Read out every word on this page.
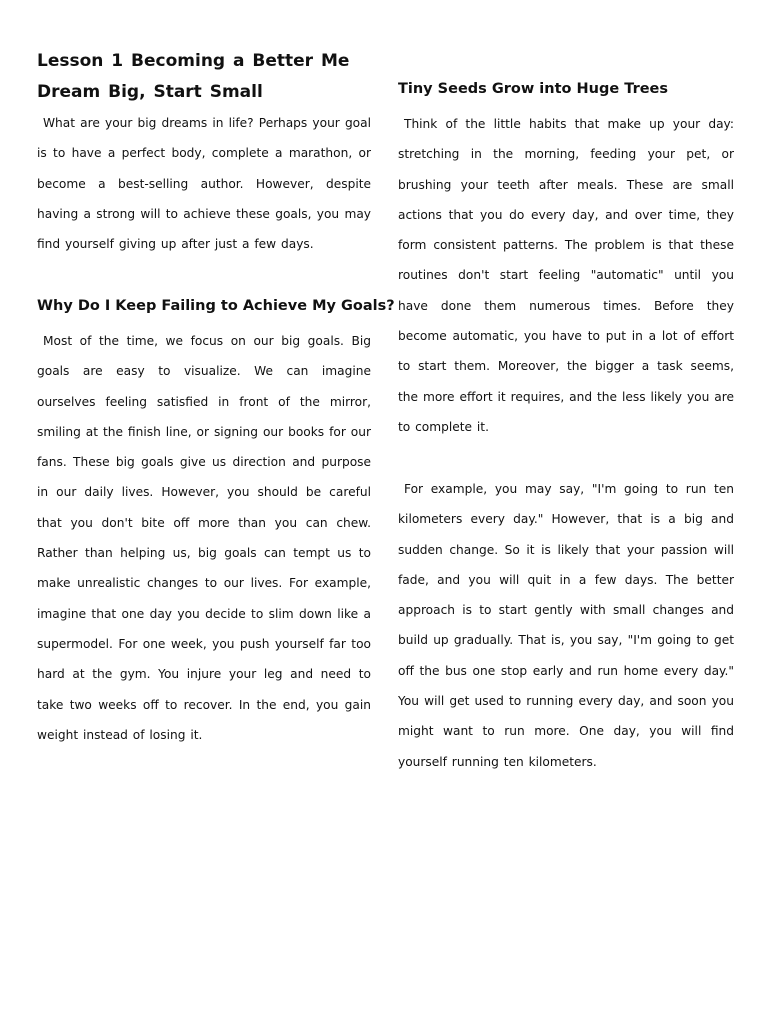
Lesson 1 Becoming a Better Me
Dream Big, Start Small

What are your big dreams in life? Perhaps your goal is to have a perfect body, complete a marathon, or become a best-selling author. However, despite having a strong will to achieve these goals, you may find yourself giving up after just a few days.

Why Do I Keep Failing to Achieve My Goals?

Most of the time, we focus on our big goals. Big goals are easy to visualize. We can imagine ourselves feeling satisfied in front of the mirror, smiling at the finish line, or signing our books for our fans. These big goals give us direction and purpose in our daily lives. However, you should be careful that you don't bite off more than you can chew. Rather than helping us, big goals can tempt us to make unrealistic changes to our lives. For example, imagine that one day you decide to slim down like a supermodel. For one week, you push yourself far too hard at the gym. You injure your leg and need to take two weeks off to recover. In the end, you gain weight instead of losing it.

Tiny Seeds Grow into Huge Trees

Think of the little habits that make up your day: stretching in the morning, feeding your pet, or brushing your teeth after meals. These are small actions that you do every day, and over time, they form consistent patterns. The problem is that these routines don't start feeling "automatic" until you have done them numerous times. Before they become automatic, you have to put in a lot of effort to start them. Moreover, the bigger a task seems, the more effort it requires, and the less likely you are to complete it.

For example, you may say, "I'm going to run ten kilometers every day." However, that is a big and sudden change. So it is likely that your passion will fade, and you will quit in a few days. The better approach is to start gently with small changes and build up gradually. That is, you say, "I'm going to get off the bus one stop early and run home every day." You will get used to running every day, and soon you might want to run more. One day, you will find yourself running ten kilometers.
